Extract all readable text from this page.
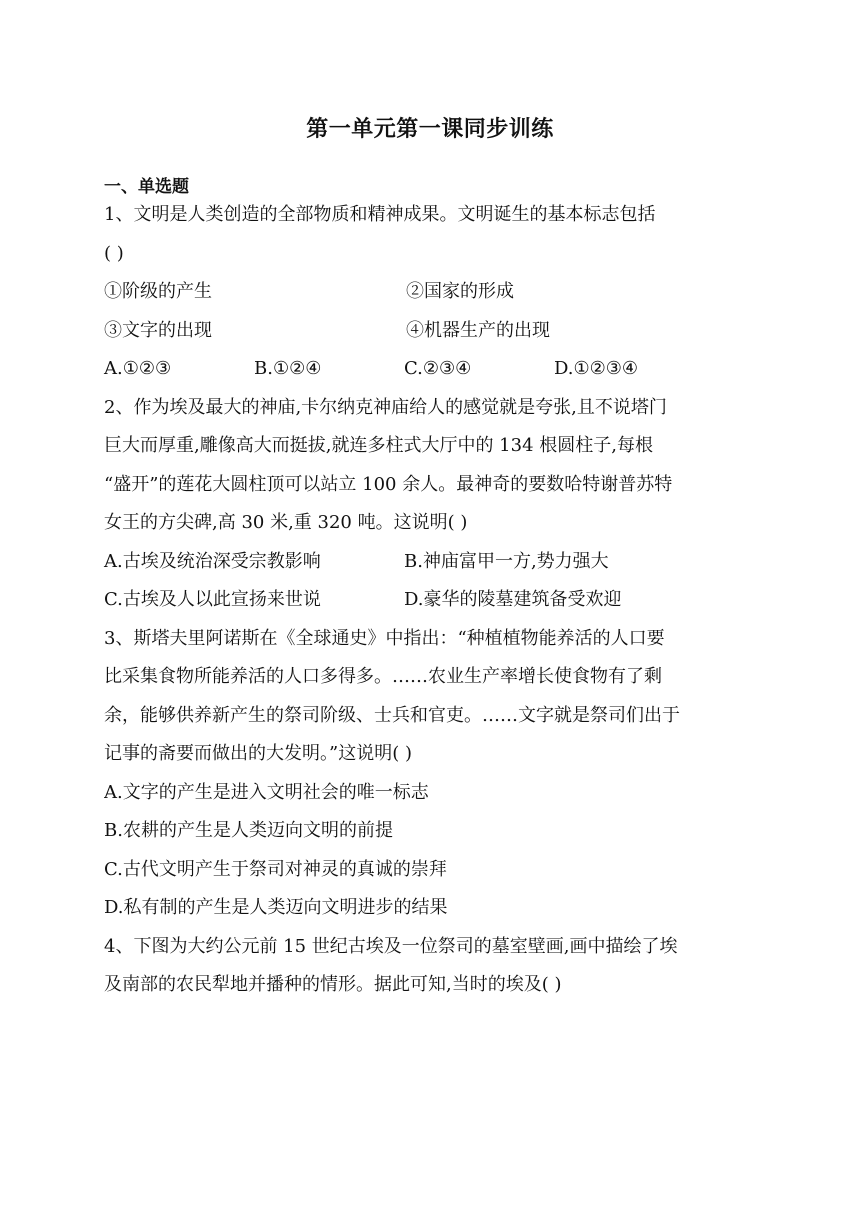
第一单元第一课同步训练
一、单选题
1、文明是人类创造的全部物质和精神成果。文明诞生的基本标志包括
( )
①阶级的产生	②国家的形成
③文字的出现	④机器生产的出现
A.①②③	B.①②④	C.②③④	D.①②③④
2、作为埃及最大的神庙,卡尔纳克神庙给人的感觉就是夸张,且不说塔门
巨大而厚重,雕像高大而挺拔,就连多柱式大厅中的 134 根圆柱子,每根
“盛开”的莲花大圆柱顶可以站立 100 余人。最神奇的要数哈特谢普苏特
女王的方尖碑,高 30 米,重 320 吨。这说明( )
A.古埃及统治深受宗教影响	B.神庙富甲一方,势力强大
C.古埃及人以此宣扬来世说	D.豪华的陵墓建筑备受欢迎
3、斯塔夫里阿诺斯在《全球通史》中指出：“种植植物能养活的人口要
比采集食物所能养活的人口多得多。……农业生产率增长使食物有了剩
余，能够供养新产生的祭司阶级、士兵和官吏。……文字就是祭司们出于
记事的斋要而做出的大发明。”这说明( )
A.文字的产生是进入文明社会的唯一标志
B.农耕的产生是人类迈向文明的前提
C.古代文明产生于祭司对神灵的真诚的崇拜
D.私有制的产生是人类迈向文明进步的结果
4、下图为大约公元前 15 世纪古埃及一位祭司的墓室壁画,画中描绘了埃
及南部的农民犁地并播种的情形。据此可知,当时的埃及( )
